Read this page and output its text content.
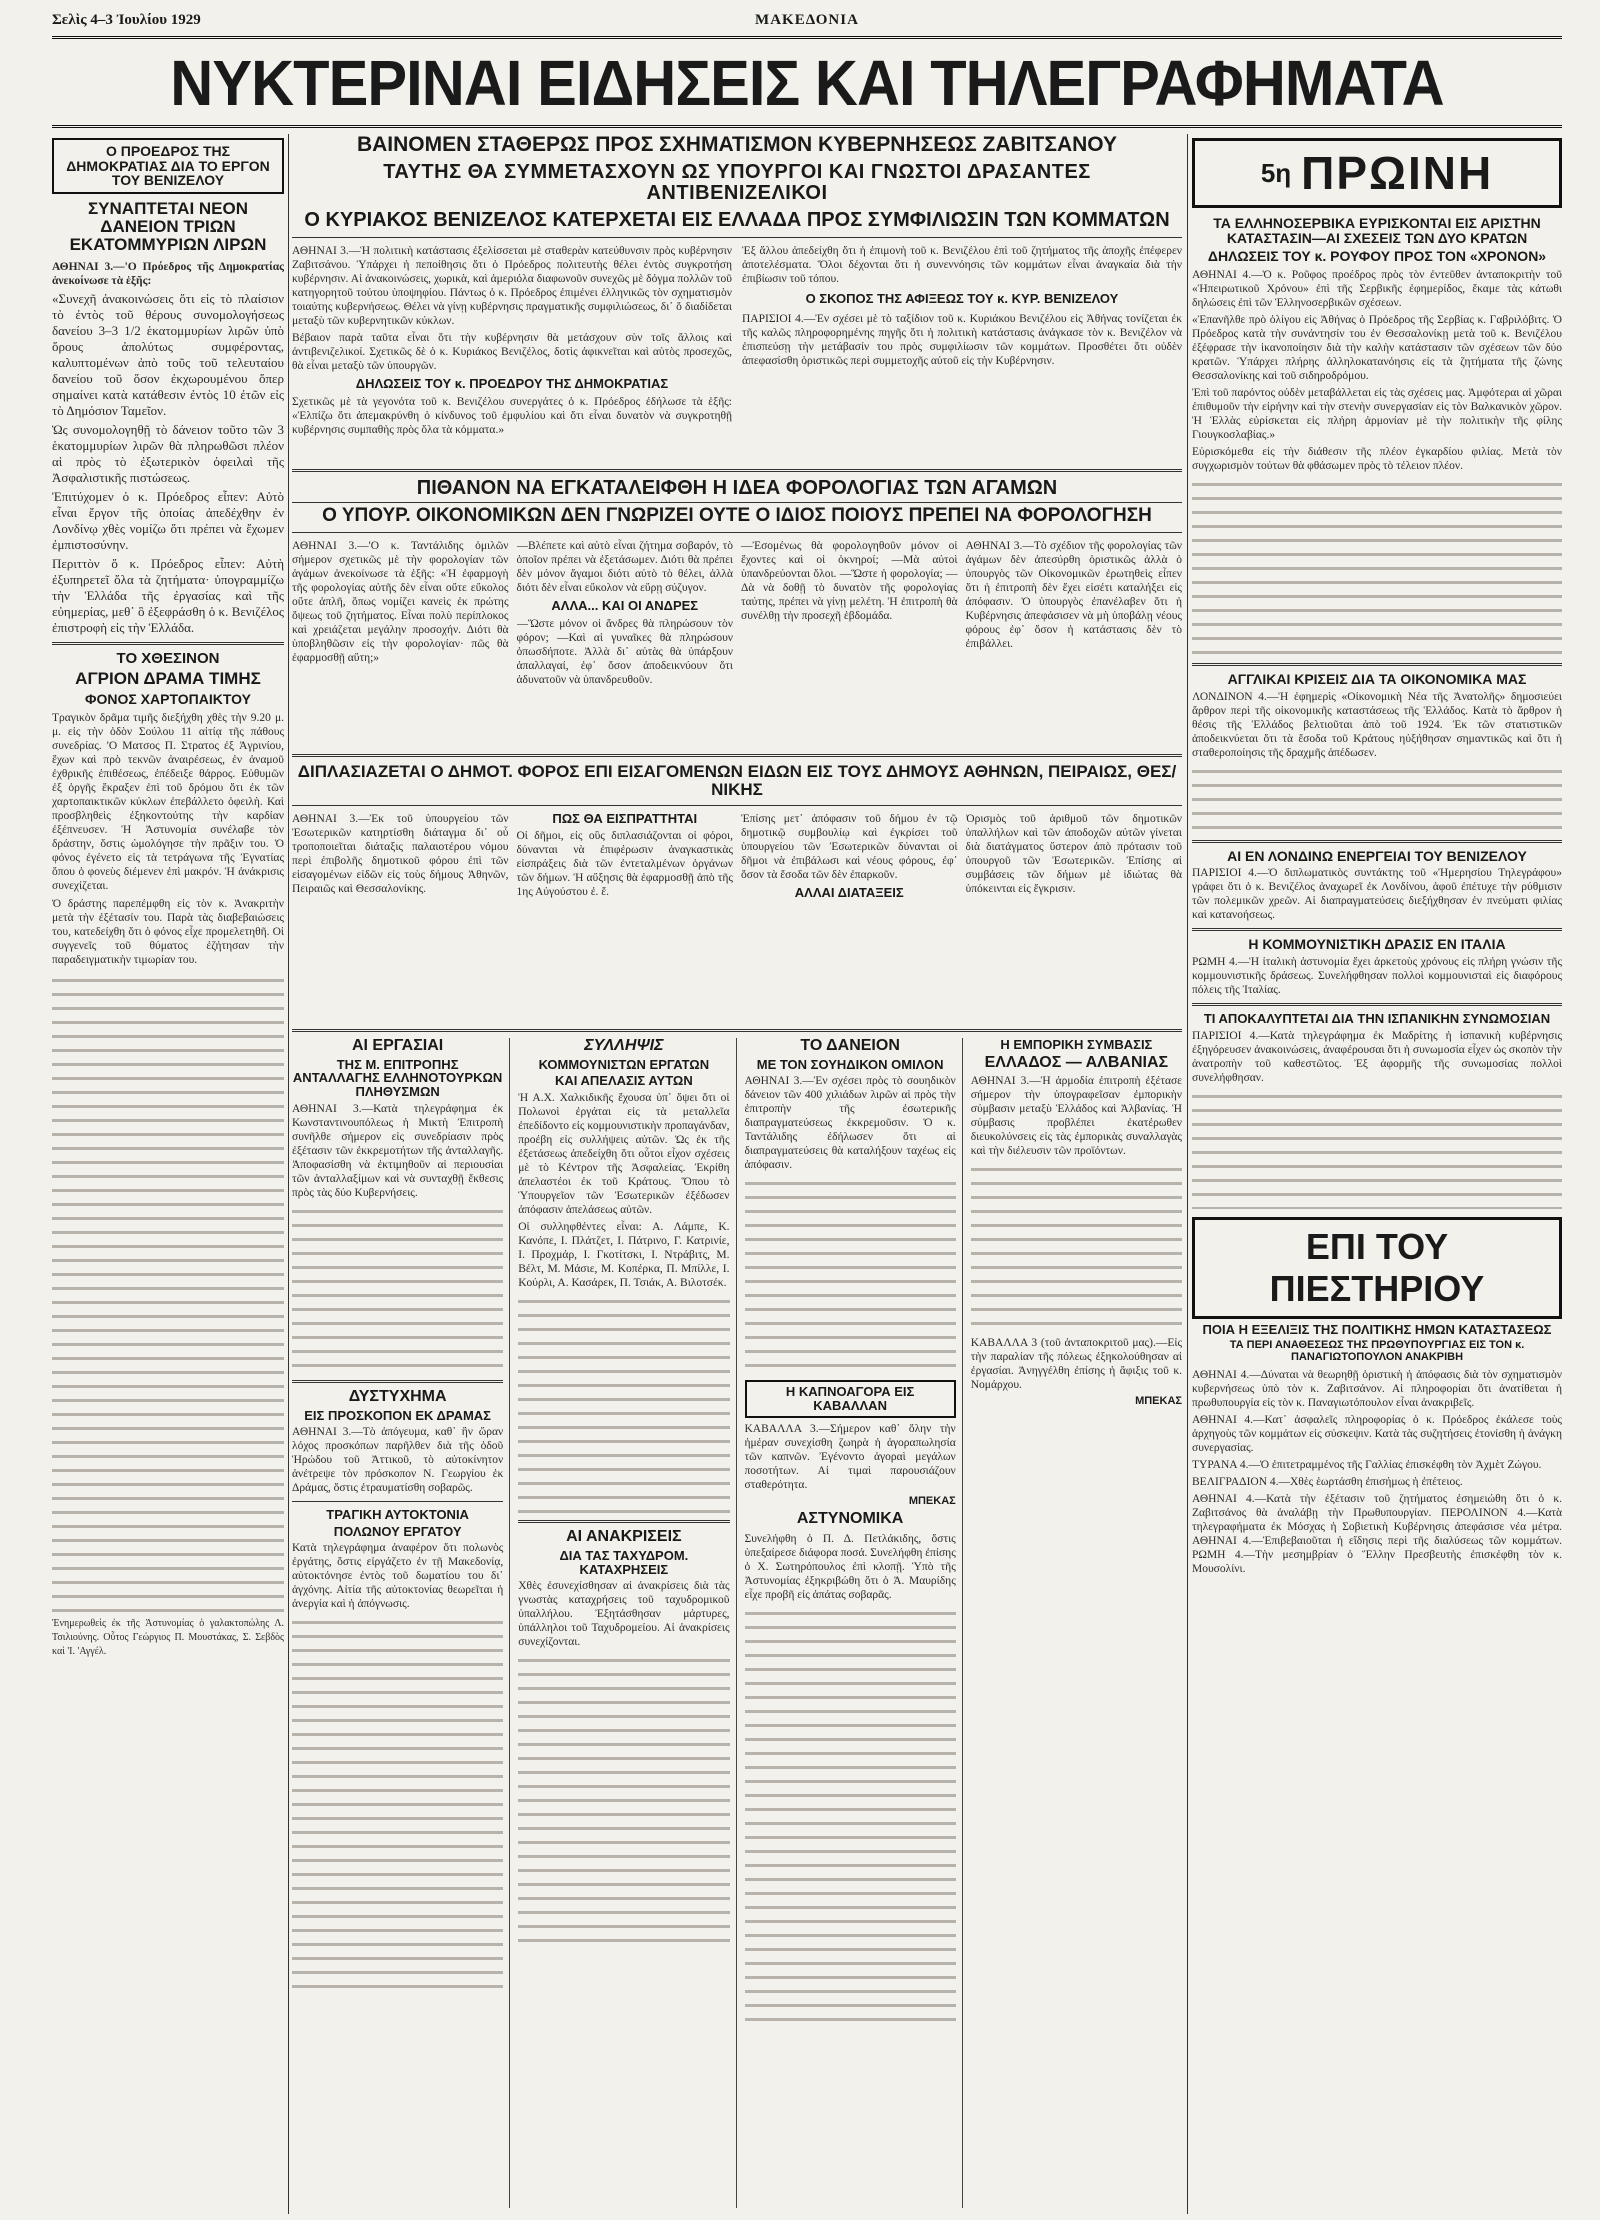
Σελὶς 4–3 Ἰουλίου 1929	ΜΑΚΕΔΟΝΙΑ
ΝΥΚΤΕΡΙΝΑΙ ΕΙΔΗΣΕΙΣ ΚΑΙ ΤΗΛΕΓΡΑΦΗΜΑΤΑ
Ο ΠΡΟΕΔΡΟΣ ΤΗΣ ΔΗΜΟΚΡΑΤΙΑΣ ΔΙΑ ΤΟ ΕΡΓΟΝ ΤΟΥ ΒΕΝΙΖΕΛΟΥ
ΣΥΝΑΠΤΕΤΑΙ ΝΕΟΝ ΔΑΝΕΙΟΝ ΤΡΙΩΝ ΕΚΑΤΟΜΜΥΡΙΩΝ ΛΙΡΩΝ
ΑΘΗΝΑΙ 3.—'Ο Πρόεδρος τῆς Δημοκρατίας ἀνεκοίνωσε τὰ ἑξῆς:
«Συνεχῆ ἀνακοινώσεις ὅτι εἰς τὸ πλαίσιον τὸ ἐντὸς τοῦ θέρους συνομολογήσεως δανείου 3–3 1/2 ἑκατομμυρίων λιρῶν ὑπὸ ὅρους ἀπολύτως συμφέροντας, καλυπτομένων ἀπὸ τοῦς τοῦ τελευταίου δανείου τοῦ ὅσον ἐκχωρουμένου ὅπερ σημαίνει κατὰ κατάθεσιν ἐντὸς 10 ἐτῶν εἰς τὸ Δημόσιον Ταμεῖον.
Ὡς συνομολογηθῇ τὸ δάνειον τοῦτο τῶν 3 ἑκατομμυρίων λιρῶν θὰ πληρωθῶσι πλέον αἱ πρὸς τὸ ἐξωτερικὸν ὀφειλαὶ τῆς Ἀσφαλιστικῆς πιστώσεως.
Ἐπιτύχομεν ὁ κ. Πρόεδρος εἶπεν: Αὐτὸ εἶναι ἔργον τῆς ὁποίας ἀπεδέχθην ἐν Λονδίνῳ χθὲς νομίζω ὅτι πρέπει νὰ ἔχωμεν ἐμπιστοσύνην.
Περιττὸν ὅ κ. Πρόεδρος εἶπεν: Αὐτὴ ἐξυπηρετεῖ ὅλα τὰ ζητήματα· ὑπογραμμίζω τὴν Ἑλλάδα τῆς ἐργασίας καὶ τῆς εὐημερίας, μεθ᾽ ὃ ἐξεφράσθη ὁ κ. Βενιζέλος ἐπιστροφὴ εἰς τὴν Ἑλλάδα.
ΤΟ ΧΘΕΣΙΝΟΝ
ΑΓΡΙΟΝ ΔΡΑΜΑ ΤΙΜΗΣ
ΦΟΝΟΣ ΧΑΡΤΟΠΑΙΚΤΟΥ
Τραγικὸν δρᾶμα τιμῆς διεξήχθη χθὲς τὴν 9.20 μ. μ. εἰς τὴν ὁδὸν Σούλου 11 αἰτίᾳ τῆς πάθους συνεδρίας. 'Ο Ματσος Π. Στρατος ἐξ Ἀγρινίου, ἔχων καὶ πρὸ τεκνῶν ἀναιρέσεως, ἐν ἀναμοῦ ἐχθρικῆς ἐπιθέσεως, ἐπέδειξε θάρρος. Εὐθυμῶν ἐξ ὀργῆς ἔκραξεν ἐπὶ τοῦ δρόμου ὅτι ἐκ τῶν χαρτοπαικτικῶν κύκλων ἐπεβάλλετο ὀφειλὴ. Καὶ προσβληθεὶς ἐξηκοντούτης τὴν καρδίαν ἐξέπνευσεν. Ἡ Ἀστυνομία συνέλαβε τὸν δράστην, ὅστις ὡμολόγησε τὴν πρᾶξιν του. Ὁ φόνος ἐγένετο εἰς τὰ τετράγωνα τῆς Ἐγνατίας ὅπου ὁ φονεὺς διέμενεν ἐπὶ μακρόν. Ἡ ἀνάκρισις συνεχίζεται.
Ὁ δράστης παρεπέμφθη εἰς τὸν κ. Ἀνακριτὴν μετὰ τὴν ἐξέτασίν του. Παρὰ τὰς διαβεβαιώσεις του, κατεδείχθη ὅτι ὁ φόνος εἶχε προμελετηθῆ. Οἱ συγγενεῖς τοῦ θύματος ἐζήτησαν τὴν παραδειγματικὴν τιμωρίαν του.
Ἐνημερωθεὶς ἐκ τῆς Ἀστυνομίας ὁ γαλακτοπώλης Λ. Τσιλιούνης. Οὗτος Γεώργιος Π. Μουστάκας, Σ. Σεβδὸς καὶ 'Ι. 'Αγγέλ.
ΒΑΙΝΟΜΕΝ ΣΤΑΘΕΡΩΣ ΠΡΟΣ ΣΧΗΜΑΤΙΣΜΟΝ ΚΥΒΕΡΝΗΣΕΩΣ ΖΑΒΙΤΣΑΝΟΥ
ΤΑΥΤΗΣ ΘΑ ΣΥΜΜΕΤΑΣΧΟΥΝ ΩΣ ΥΠΟΥΡΓΟΙ ΚΑΙ ΓΝΩΣΤΟΙ ΔΡΑΣΑΝΤΕΣ ΑΝΤΙΒΕΝΙΖΕΛΙΚΟΙ
Ο ΚΥΡΙΑΚΟΣ ΒΕΝΙΖΕΛΟΣ ΚΑΤΕΡΧΕΤΑΙ ΕΙΣ ΕΛΛΑΔΑ ΠΡΟΣ ΣΥΜΦΙΛΙΩΣΙΝ ΤΩΝ ΚΟΜΜΑΤΩΝ
ΑΘΗΝΑΙ 3.—Ἡ πολιτικὴ κατάστασις ἐξελίσσεται μὲ σταθερὰν κατεύθυνσιν πρὸς κυβέρνησιν Ζαβιτσάνου. Ὑπάρχει ἡ πεποίθησις ὅτι ὁ Πρόεδρος πολιτευτὴς θέλει ἐντὸς συγκροτήση κυβέρνησιν. Αἱ ἀνακοινώσεις, χωρικὰ, καὶ ἀμεριόλα διαφωνοῦν συνεχῶς μὲ δόγμα πολλῶν τοῦ κατηγορητοῦ τούτου ὑποψηφίου. Πάντως ὁ κ. Πρόεδρος ἐπιμένει ἐλληνικῶς τὸν σχηματισμὸν τοιαύτης κυβερνήσεως. Θέλει νὰ γίνῃ κυβέρνησις πραγματικῆς συμφιλιώσεως, δι᾽ ὅ διαδίδεται μεταξὺ τῶν κυβερνητικῶν κύκλων.
Βέβαιον παρὰ ταῦτα εἶναι ὅτι τὴν κυβέρνησιν θὰ μετάσχουν σὺν τοῖς ἄλλοις καὶ ἀντιβενιζελικοί. Σχετικῶς δὲ ὁ κ. Κυριάκος Βενιζέλος, δοτὶς ἀφικνεῖται καὶ αὐτὸς προσεχῶς, θὰ εἶναι μεταξὺ τῶν ὑπουργῶν.
ΔΗΛΩΣΕΙΣ ΤΟΥ κ. ΠΡΟΕΔΡΟΥ ΤΗΣ ΔΗΜΟΚΡΑΤΙΑΣ
Σχετικῶς μὲ τὰ γεγονότα τοῦ κ. Βενιζέλου συνεργάτες ὁ κ. Πρόεδρος ἐδήλωσε τὰ ἑξῆς: «Ἐλπίζω ὅτι ἀπεμακρύνθη ὁ κίνδυνος τοῦ ἐμφυλίου καὶ ὅτι εἶναι δυνατὸν νὰ συγκροτηθῇ κυβέρνησις συμπαθὴς πρὸς ὅλα τὰ κόμματα.»
Ἐξ ἄλλου ἀπεδείχθη ὅτι ἡ ἐπιμονὴ τοῦ κ. Βενιζέλου ἐπὶ τοῦ ζητήματος τῆς ἀποχῆς ἐπέφερεν ἀποτελέσματα. Ὅλοι δέχονται ὅτι ἡ συνεννόησις τῶν κομμάτων εἶναι ἀναγκαία διὰ τὴν ἐπιβίωσιν τοῦ τόπου.
Ο ΣΚΟΠΟΣ ΤΗΣ ΑΦΙΞΕΩΣ ΤΟΥ κ. ΚΥΡ. ΒΕΝΙΖΕΛΟΥ
ΠΑΡΙΣΙΟΙ 4.—Ἐν σχέσει μὲ τὸ ταξίδιον τοῦ κ. Κυριάκου Βενιζέλου εἰς Ἀθήνας τονίζεται ἐκ τῆς καλῶς πληροφορημένης πηγῆς ὅτι ἡ πολιτικὴ κατάστασις ἀνάγκασε τὸν κ. Βενιζέλον νὰ ἐπισπεύσῃ τὴν μετάβασίν του πρὸς συμφιλίωσιν τῶν κομμάτων. Προσθέτει ὅτι οὐδὲν ἀπεφασίσθη ὁριστικῶς περὶ συμμετοχῆς αὐτοῦ εἰς τὴν Κυβέρνησιν.
ΠΙΘΑΝΟΝ ΝΑ ΕΓΚΑΤΑΛΕΙΦΘΗ Η ΙΔΕΑ ΦΟΡΟΛΟΓΙΑΣ ΤΩΝ ΑΓΑΜΩΝ
Ο ΥΠΟΥΡ. ΟΙΚΟΝΟΜΙΚΩΝ ΔΕΝ ΓΝΩΡΙΖΕΙ ΟΥΤΕ Ο ΙΔΙΟΣ ΠΟΙΟΥΣ ΠΡΕΠΕΙ ΝΑ ΦΟΡΟΛΟΓΗΣΗ
ΑΘΗΝΑΙ 3.—'Ο κ. Ταντάλιδης ὁμιλῶν σήμερον σχετικῶς μὲ τὴν φορολογίαν τῶν ἀγάμων ἀνεκοίνωσε τὰ ἑξῆς: «Ἡ ἐφαρμογὴ τῆς φορολογίας αὐτῆς δὲν εἶναι οὔτε εὔκολος οὔτε ἁπλῆ, ὅπως νομίζει κανεὶς ἐκ πρώτης ὄψεως τοῦ ζητήματος. Εἶναι πολὺ περίπλοκος καὶ χρειάζεται μεγάλην προσοχήν. Διότι θὰ ὑποβληθῶσιν εἰς τὴν φορολογίαν· πῶς θὰ ἐφαρμοσθῇ αὕτη;»
—Βλέπετε καὶ αὐτὸ εἶναι ζήτημα σοβαρόν, τὸ ὁποῖον πρέπει νὰ ἐξετάσωμεν. Διότι θὰ πρέπει δὲν μόνον ἄγαμοι διότι αὐτὸ τὸ θέλει, ἀλλὰ διότι δὲν εἶναι εὔκολον νὰ εὕρῃ σύζυγον.
ΑΛΛΑ... ΚΑΙ ΟΙ ΑΝΔΡΕΣ
—Ὥστε μόνον οἱ ἄνδρες θὰ πληρώσουν τὸν φόρον; —Καὶ αἱ γυναῖκες θὰ πληρώσουν ὁπωσδήποτε. Ἀλλὰ δι᾽ αὐτὰς θὰ ὑπάρξουν ἀπαλλαγαί, ἐφ᾽ ὅσον ἀποδεικνύουν ὅτι ἀδυνατοῦν νὰ ὑπανδρευθοῦν.
—Ἐσομένως θὰ φορολογηθοῦν μόνον οἱ ἔχοντες καὶ οἱ ὀκνηροί; —Μὰ αὐτοὶ ὑπανδρεύονται ὅλοι. —Ὥστε ἡ φορολογία; —Δὰ νὰ δοθῇ τὸ δυνατὸν τῆς φορολογίας ταύτης, πρέπει νὰ γίνῃ μελέτη. Ἡ ἐπιτροπὴ θὰ συνέλθῃ τὴν προσεχῆ ἑβδομάδα.
ΑΘΗΝΑΙ 3.—Τὸ σχέδιον τῆς φορολογίας τῶν ἀγάμων δὲν ἀπεσύρθη ὁριστικῶς ἀλλὰ ὁ ὑπουργὸς τῶν Οἰκονομικῶν ἐρωτηθεὶς εἶπεν ὅτι ἡ ἐπιτροπὴ δὲν ἔχει εἰσέτι καταλήξει εἰς ἀπόφασιν. Ὁ ὑπουργὸς ἐπανέλαβεν ὅτι ἡ Κυβέρνησις ἀπεφάσισεν νὰ μὴ ὑποβάλῃ νέους φόρους ἐφ᾽ ὅσον ἡ κατάστασις δὲν τὸ ἐπιβάλλει.
ΔΙΠΛΑΣΙΑΖΕΤΑΙ Ο ΔΗΜΟΤ. ΦΟΡΟΣ ΕΠΙ ΕΙΣΑΓΟΜΕΝΩΝ ΕΙΔΩΝ ΕΙΣ ΤΟΥΣ ΔΗΜΟΥΣ ΑΘΗΝΩΝ, ΠΕΙΡΑΙΩΣ, ΘΕΣ/ΝΙΚΗΣ
ΑΘΗΝΑΙ 3.—Ἐκ τοῦ ὑπουργείου τῶν Ἐσωτερικῶν κατηρτίσθη διάταγμα δι᾽ οὗ τροποποιεῖται διάταξις παλαιοτέρου νόμου περὶ ἐπιβολῆς δημοτικοῦ φόρου ἐπὶ τῶν εἰσαγομένων εἰδῶν εἰς τοὺς δήμους Ἀθηνῶν, Πειραιῶς καὶ Θεσσαλονίκης.
ΠΩΣ ΘΑ ΕΙΣΠΡΑΤΤΗΤΑΙ
Οἱ δῆμοι, εἰς οὓς διπλασιάζονται οἱ φόροι, δύνανται νὰ ἐπιφέρωσιν ἀναγκαστικὰς εἰσπράξεις διὰ τῶν ἐντεταλμένων ὀργάνων τῶν δήμων. Ἡ αὔξησις θὰ ἐφαρμοσθῇ ἀπὸ τῆς 1ης Αὐγούστου ἐ. ἔ.
Ἐπίσης μετ᾽ ἀπόφασιν τοῦ δήμου ἐν τῷ δημοτικῷ συμβουλίῳ καὶ ἐγκρίσει τοῦ ὑπουργείου τῶν Ἐσωτερικῶν δύνανται οἱ δῆμοι νὰ ἐπιβάλωσι καὶ νέους φόρους, ἐφ᾽ ὅσον τὰ ἔσοδα τῶν δὲν ἐπαρκοῦν.
ΑΛΛΑΙ ΔΙΑΤΑΞΕΙΣ
Ὁρισμὸς τοῦ ἀριθμοῦ τῶν δημοτικῶν ὑπαλλήλων καὶ τῶν ἀποδοχῶν αὐτῶν γίνεται διὰ διατάγματος ὕστερον ἀπὸ πρότασιν τοῦ ὑπουργοῦ τῶν Ἐσωτερικῶν. Ἐπίσης αἱ συμβάσεις τῶν δήμων μὲ ἰδιώτας θὰ ὑπόκεινται εἰς ἔγκρισιν.
ΑΙ ΕΡΓΑΣΙΑΙ
ΤΗΣ Μ. ΕΠΙΤΡΟΠΗΣ ΑΝΤΑΛΛΑΓΗΣ ΕΛΛΗΝΟΤΟΥΡΚΩΝ ΠΛΗΘΥΣΜΩΝ
ΑΘΗΝΑΙ 3.—Κατὰ τηλεγράφημα ἐκ Κωνσταντινουπόλεως ἡ Μικτὴ Ἐπιτροπὴ συνῆλθε σήμερον εἰς συνεδρίασιν πρὸς ἐξέτασιν τῶν ἐκκρεμοτήτων τῆς ἀνταλλαγῆς. Ἀποφασίσθη νὰ ἐκτιμηθοῦν αἱ περιουσίαι τῶν ἀνταλλαξίμων καὶ νὰ συνταχθῇ ἔκθεσις πρὸς τὰς δύο Κυβερνήσεις.
ΔΥΣΤΥΧΗΜΑ
ΕΙΣ ΠΡΟΣΚΟΠΟΝ ΕΚ ΔΡΑΜΑΣ
ΑΘΗΝΑΙ 3.—Τὸ ἀπόγευμα, καθ᾽ ἣν ὥραν λόχος προσκόπων παρῆλθεν διὰ τῆς ὁδοῦ Ἡρώδου τοῦ Ἀττικοῦ, τὸ αὐτοκίνητον ἀνέτρεψε τὸν πρόσκοπον Ν. Γεωργίου ἐκ Δράμας, ὅστις ἐτραυματίσθη σοβαρῶς.
ΤΡΑΓΙΚΗ ΑΥΤΟΚΤΟΝΙΑ
ΠΟΛΩΝΟΥ ΕΡΓΑΤΟΥ
Κατὰ τηλεγράφημα ἀναφέρον ὅτι πολωνὸς ἐργάτης, ὅστις εἰργάζετο ἐν τῇ Μακεδονίᾳ, αὐτοκτόνησε ἐντὸς τοῦ δωματίου του δι᾽ ἀγχόνης. Αἰτία τῆς αὐτοκτονίας θεωρεῖται ἡ ἀνεργία καὶ ἡ ἀπόγνωσις.
ΣΥΛΛΗΨΙΣ
ΚΟΜΜΟΥΝΙΣΤΩΝ ΕΡΓΑΤΩΝ
ΚΑΙ ΑΠΕΛΑΣΙΣ ΑΥΤΩΝ
Ἡ Α.Χ. Χαλκιδικῆς ἔχουσα ὑπ᾽ ὄψει ὅτι οἱ Πολωνοὶ ἐργάται εἰς τὰ μεταλλεῖα ἐπεδίδοντο εἰς κομμουνιστικὴν προπαγάνδαν, προέβη εἰς συλλήψεις αὐτῶν. Ὡς ἐκ τῆς ἐξετάσεως ἀπεδείχθη ὅτι οὗτοι εἶχον σχέσεις μὲ τὸ Κέντρον τῆς Ἀσφαλείας. Ἐκρίθη ἀπελαστέοι ἐκ τοῦ Κράτους. Ὅπου τὸ Ὑπουργεῖον τῶν Ἐσωτερικῶν ἐξέδωσεν ἀπόφασιν ἀπελάσεως αὐτῶν.
Οἱ συλληφθέντες εἶναι: Α. Λάμπε, Κ. Κανόπε, Ι. Πλάτζετ, Ι. Πάτρινο, Γ. Κατρινίε, Ι. Προχμάρ, Ι. Γκοτίτσκι, Ι. Ντράβιτς, Μ. Βέλτ, Μ. Μάσιε, Μ. Κοπέρκα, Π. Μπίλλε, Ι. Κούρλι, Α. Κασάρεκ, Π. Τσιάκ, Α. Βιλοτσέκ.
ΑΙ ΑΝΑΚΡΙΣΕΙΣ
ΔΙΑ ΤΑΣ ΤΑΧΥΔΡΟΜ. ΚΑΤΑΧΡΗΣΕΙΣ
Χθὲς ἐσυνεχίσθησαν αἱ ἀνακρίσεις διὰ τὰς γνωστὰς καταχρήσεις τοῦ ταχυδρομικοῦ ὑπαλλήλου. Ἐξητάσθησαν μάρτυρες, ὑπάλληλοι τοῦ Ταχυδρομείου. Αἱ ἀνακρίσεις συνεχίζονται.
ΤΟ ΔΑΝΕΙΟΝ
ΜΕ ΤΟΝ ΣΟΥΗΔΙΚΟΝ ΟΜΙΛΟΝ
ΑΘΗΝΑΙ 3.—Ἐν σχέσει πρὸς τὸ σουηδικὸν δάνειον τῶν 400 χιλιάδων λιρῶν αἱ πρὸς τὴν ἐπιτροπὴν τῆς ἐσωτερικῆς διαπραγματεύσεως ἐκκρεμοῦσιν. Ὁ κ. Ταντάλιδης ἐδήλωσεν ὅτι αἱ διαπραγματεύσεις θὰ καταλήξουν ταχέως εἰς ἀπόφασιν.
Η ΚΑΠΝΟΑΓΟΡΑ ΕΙΣ ΚΑΒΑΛΛΑΝ
ΚΑΒΑΛΛΑ 3.—Σήμερον καθ᾽ ὅλην τὴν ἡμέραν συνεχίσθη ζωηρὰ ἡ ἀγοραπωλησία τῶν καπνῶν. Ἐγένοντο ἀγοραὶ μεγάλων ποσοτήτων. Αἱ τιμαὶ παρουσιάζουν σταθερότητα.
ΜΠΕΚΑΣ
ΑΣΤΥΝΟΜΙΚΑ
Συνελήφθη ὁ Π. Δ. Πετλάκιδης, ὅστις ὑπεξαίρεσε διάφορα ποσά. Συνελήφθη ἐπίσης ὁ Χ. Σωτηρόπουλος ἐπὶ κλοπῇ. Ὑπὸ τῆς Ἀστυνομίας ἐξηκριβώθη ὅτι ὁ Ἀ. Μαυρίδης εἶχε προβῆ εἰς ἀπάτας σοβαρᾶς.
Η ΕΜΠΟΡΙΚΗ ΣΥΜΒΑΣΙΣ
ΕΛΛΑΔΟΣ — ΑΛΒΑΝΙΑΣ
ΑΘΗΝΑΙ 3.—Ἡ ἀρμοδία ἐπιτροπὴ ἐξέτασε σήμερον τὴν ὑπογραφεῖσαν ἐμπορικὴν σύμβασιν μεταξὺ Ἑλλάδος καὶ Ἀλβανίας. Ἡ σύμβασις προβλέπει ἐκατέρωθεν διευκολύνσεις εἰς τὰς ἐμπορικὰς συναλλαγὰς καὶ τὴν διέλευσιν τῶν προϊόντων.
ΚΑΒΑΛΛΑ 3 (τοῦ ἀνταποκριτοῦ μας).—Εἰς τὴν παραλίαν τῆς πόλεως ἐξηκολούθησαν αἱ ἐργασίαι. Ἀνηγγέλθη ἐπίσης ἡ ἄφιξις τοῦ κ. Νομάρχου.
ΜΠΕΚΑΣ
5η ΠΡΩΙΝΗ
ΤΑ ΕΛΛΗΝΟΣΕΡΒΙΚΑ ΕΥΡΙΣΚΟΝΤΑΙ ΕΙΣ ΑΡΙΣΤΗΝ ΚΑΤΑΣΤΑΣΙΝ—ΑΙ ΣΧΕΣΕΙΣ ΤΩΝ ΔΥΟ ΚΡΑΤΩΝ
ΔΗΛΩΣΕΙΣ ΤΟΥ κ. ΡΟΥΦΟΥ ΠΡΟΣ ΤΟΝ «ΧΡΟΝΟΝ»
ΑΘΗΝΑΙ 4.—Ὁ κ. Ροῦφος προέδρος πρὸς τὸν ἐντεῦθεν ἀνταποκριτὴν τοῦ «Ἡπειρωτικοῦ Χρόνου» ἐπὶ τῆς Σερβικῆς ἐφημερίδος, ἔκαμε τὰς κάτωθι δηλώσεις ἐπὶ τῶν Ἑλληνοσερβικῶν σχέσεων.
«Ἐπανῆλθε πρὸ ὀλίγου εἰς Ἀθήνας ὁ Πρόεδρος τῆς Σερβίας κ. Γαβριλόβιτς. Ὁ Πρόεδρος κατὰ τὴν συνάντησίν του ἐν Θεσσαλονίκῃ μετὰ τοῦ κ. Βενιζέλου ἐξέφρασε τὴν ἱκανοποίησιν διὰ τὴν καλὴν κατάστασιν τῶν σχέσεων τῶν δύο κρατῶν. Ὑπάρχει πλήρης ἀλληλοκατανόησις εἰς τὰ ζητήματα τῆς ζώνης Θεσσαλονίκης καὶ τοῦ σιδηροδρόμου.
Ἐπὶ τοῦ παρόντος οὐδὲν μεταβάλλεται εἰς τὰς σχέσεις μας. Ἀμφότεραι αἱ χῶραι ἐπιθυμοῦν τὴν εἰρήνην καὶ τὴν στενὴν συνεργασίαν εἰς τὸν Βαλκανικὸν χῶρον. Ἡ Ἑλλὰς εὐρίσκεται εἰς πλήρη ἀρμονίαν μὲ τὴν πολιτικὴν τῆς φίλης Γιουγκοσλαβίας.»
Εὐρισκόμεθα εἰς τὴν διάθεσιν τῆς πλέον ἐγκαρδίου φιλίας. Μετὰ τὸν συγχωρισμὸν τούτων θὰ φθάσωμεν πρὸς τὸ τέλειον πλέον.
ΑΓΓΛΙΚΑΙ ΚΡΙΣΕΙΣ ΔΙΑ ΤΑ ΟΙΚΟΝΟΜΙΚΑ ΜΑΣ
ΛΟΝΔΙΝΟΝ 4.—Ἡ ἐφημερὶς «Οἰκονομικὴ Νέα τῆς Ἀνατολῆς» δημοσιεύει ἄρθρον περὶ τῆς οἰκονομικῆς καταστάσεως τῆς Ἑλλάδος. Κατὰ τὸ ἄρθρον ἡ θέσις τῆς Ἑλλάδος βελτιοῦται ἀπὸ τοῦ 1924. Ἐκ τῶν στατιστικῶν ἀποδεικνύεται ὅτι τὰ ἔσοδα τοῦ Κράτους ηὐξήθησαν σημαντικῶς καὶ ὅτι ἡ σταθεροποίησις τῆς δραχμῆς ἀπέδωσεν.
ΑΙ ΕΝ ΛΟΝΔΙΝΩ ΕΝΕΡΓΕΙΑΙ ΤΟΥ ΒΕΝΙΖΕΛΟΥ
ΠΑΡΙΣΙΟΙ 4.—Ὁ διπλωματικὸς συντάκτης τοῦ «Ἡμερησίου Τηλεγράφου» γράφει ὅτι ὁ κ. Βενιζέλος ἀναχωρεῖ ἐκ Λονδίνου, ἀφοῦ ἐπέτυχε τὴν ρύθμισιν τῶν πολεμικῶν χρεῶν. Αἱ διαπραγματεύσεις διεξήχθησαν ἐν πνεύματι φιλίας καὶ κατανοήσεως.
Η ΚΟΜΜΟΥΝΙΣΤΙΚΗ ΔΡΑΣΙΣ ΕΝ ΙΤΑΛΙΑ
ΡΩΜΗ 4.—Ἡ ἰταλικὴ ἀστυνομία ἔχει ἀρκετοὺς χρόνους εἰς πλήρη γνώσιν τῆς κομμουνιστικῆς δράσεως. Συνελήφθησαν πολλοὶ κομμουνισταὶ εἰς διαφόρους πόλεις τῆς Ἰταλίας.
ΤΙ ΑΠΟΚΑΛΥΠΤΕΤΑΙ ΔΙΑ ΤΗΝ ΙΣΠΑΝΙΚΗΝ ΣΥΝΩΜΟΣΙΑΝ
ΠΑΡΙΣΙΟΙ 4.—Κατὰ τηλεγράφημα ἐκ Μαδρίτης ἡ ἱσπανικὴ κυβέρνησις ἐξηγόρευσεν ἀνακοινώσεις, ἀναφέρουσαι ὅτι ἡ συνωμοσία εἶχεν ὡς σκοπὸν τὴν ἀνατροπὴν τοῦ καθεστῶτος. Ἐξ ἀφορμῆς τῆς συνωμοσίας πολλοὶ συνελήφθησαν.
ΕΠΙ ΤΟΥ ΠΙΕΣΤΗΡΙΟΥ
ΠΟΙΑ Η ΕΞΕΛΙΞΙΣ ΤΗΣ ΠΟΛΙΤΙΚΗΣ ΗΜΩΝ ΚΑΤΑΣΤΑΣΕΩΣ
ΤΑ ΠΕΡΙ ΑΝΑΘΕΣΕΩΣ ΤΗΣ ΠΡΩΘΥΠΟΥΡΓΙΑΣ ΕΙΣ ΤΟΝ κ. ΠΑΝΑΓΙΩΤΟΠΟΥΛΟΝ ΑΝΑΚΡΙΒΗ
ΑΘΗΝΑΙ 4.—Δύναται νὰ θεωρηθῇ ὁριστικὴ ἡ ἀπόφασις διὰ τὸν σχηματισμὸν κυβερνήσεως ὑπὸ τὸν κ. Ζαβιτσάνον. Αἱ πληροφορίαι ὅτι ἀνατίθεται ἡ πρωθυπουργία εἰς τὸν κ. Παναγιωτόπουλον εἶναι ἀνακριβεῖς.
ΑΘΗΝΑΙ 4.—Κατ᾽ ἀσφαλεῖς πληροφορίας ὁ κ. Πρόεδρος ἐκάλεσε τοὺς ἀρχηγοὺς τῶν κομμάτων εἰς σύσκεψιν. Κατὰ τὰς συζητήσεις ἐτονίσθη ἡ ἀνάγκη συνεργασίας.
ΤΥΡΑΝΑ 4.—Ὁ ἐπιτετραμμένος τῆς Γαλλίας ἐπισκέφθη τὸν Ἀχμὲτ Ζώγου.
ΒΕΛΙΓΡΑΔΙΟΝ 4.—Χθὲς ἑωρτάσθη ἐπισήμως ἡ ἐπέτειος.
ΑΘΗΝΑΙ 4.—Κατὰ τὴν ἐξέτασιν τοῦ ζητήματος ἐσημειώθη ὅτι ὁ κ. Ζαβιτσάνος θὰ ἀναλάβῃ τὴν Πρωθυπουργίαν. ΠΕΡΟΛΙΝΟΝ 4.—Κατὰ τηλεγραφήματα ἐκ Μόσχας ἡ Σοβιετικὴ Κυβέρνησις ἀπεφάσισε νέα μέτρα. ΑΘΗΝΑΙ 4.—Ἐπιβεβαιοῦται ἡ εἴδησις περὶ τῆς διαλύσεως τῶν κομμάτων. ΡΩΜΗ 4.—Τὴν μεσημβρίαν ὁ Ἕλλην Πρεσβευτὴς ἐπισκέφθη τὸν κ. Μουσολίνι.
